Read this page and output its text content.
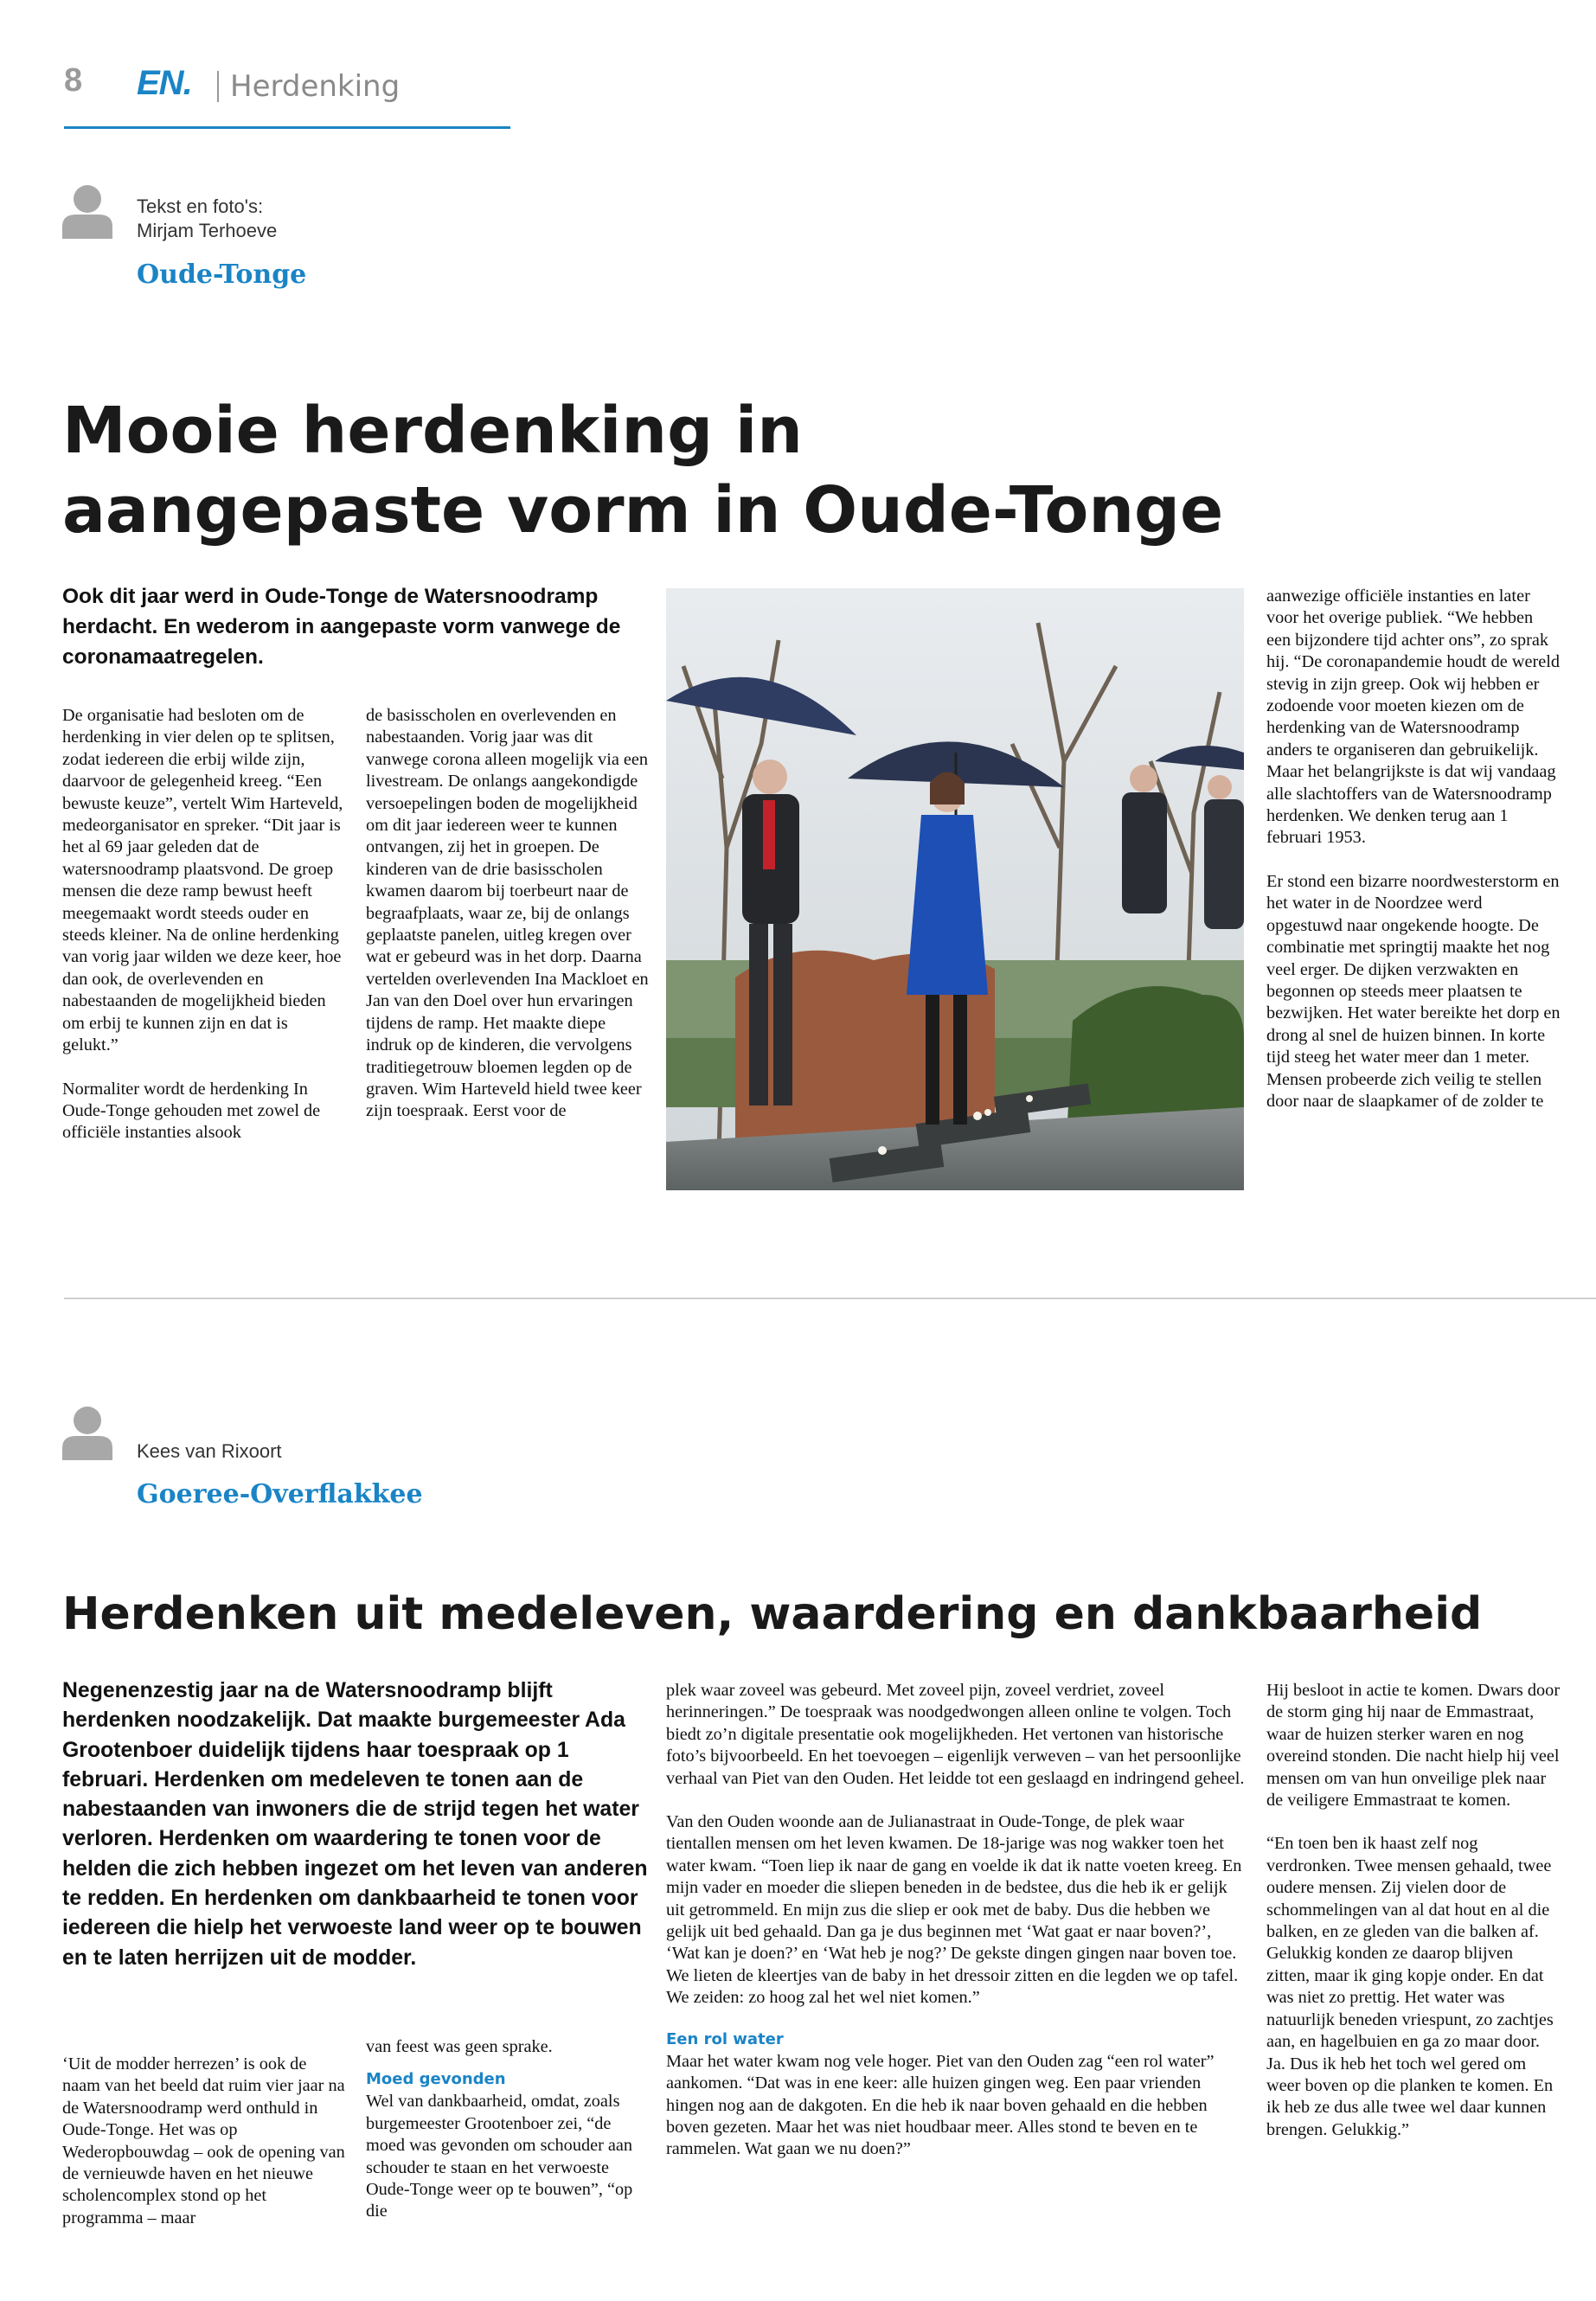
8 EN. Herdenking
Tekst en foto's:
Mirjam Terhoeve
Oude-Tonge
Mooie herdenking in
aangepaste vorm in Oude-Tonge
Ook dit jaar werd in Oude-Tonge de Watersnoodramp herdacht. En wederom in aangepaste vorm vanwege de coronamaatregelen.

De organisatie had besloten om de herdenking in vier delen op te splitsen, zodat iedereen die erbij wilde zijn, daarvoor de gelegenheid kreeg. “Een bewuste keuze”, vertelt Wim Harteveld, medeorganisator en spreker. “Dit jaar is het al 69 jaar geleden dat de watersnoodramp plaatsvond. De groep mensen die deze ramp bewust heeft meegemaakt wordt steeds ouder en steeds kleiner. Na de online herdenking van vorig jaar wilden we deze keer, hoe dan ook, de overlevenden en nabestaanden de mogelijkheid bieden om erbij te kunnen zijn en dat is gelukt.”

Normaliter wordt de herdenking In Oude-Tonge gehouden met zowel de officiële instanties alsook

de basisscholen en overlevenden en nabestaanden. Vorig jaar was dit vanwege corona alleen mogelijk via een livestream. De onlangs aangekondigde versoepelingen boden de mogelijkheid om dit jaar iedereen weer te kunnen ontvangen, zij het in groepen. De kinderen van de drie basisscholen kwamen daarom bij toerbeurt naar de begraafplaats, waar ze, bij de onlangs geplaatste panelen, uitleg kregen over wat er gebeurd was in het dorp. Daarna vertelden overlevenden Ina Mackloet en Jan van den Doel over hun ervaringen tijdens de ramp. Het maakte diepe indruk op de kinderen, die vervolgens traditiegetrouw bloemen legden op de graven. Wim Harteveld hield twee keer zijn toespraak. Eerst voor de

aanwezige officiële instanties en later voor het overige publiek. “We hebben een bijzondere tijd achter ons”, zo sprak hij. “De coronapandemie houdt de wereld stevig in zijn greep. Ook wij hebben er zodoende voor moeten kiezen om de herdenking van de Watersnoodramp anders te organiseren dan gebruikelijk. Maar het belangrijkste is dat wij vandaag alle slachtoffers van de Watersnoodramp herdenken. We denken terug aan 1 februari 1953.

Er stond een bizarre noordwesterstorm en het water in de Noordzee werd opgestuwd naar ongekende hoogte. De combinatie met springtij maakte het nog veel erger. De dijken verzwakten en begonnen op steeds meer plaatsen te bezwijken. Het water bereikte het dorp en drong al snel de huizen binnen. In korte tijd steeg het water meer dan 1 meter. Mensen probeerde zich veilig te stellen door naar de slaapkamer of de zolder te

Kees van Rixoort
Goeree-Overflakkee
Herdenken uit medeleven, waardering en dankbaarheid
Negenenzestig jaar na de Watersnoodramp blijft herdenken noodzakelijk. Dat maakte burgemeester Ada Grootenboer duidelijk tijdens haar toespraak op 1 februari. Herdenken om medeleven te tonen aan de nabestaanden van inwoners die de strijd tegen het water verloren. Herdenken om waardering te tonen voor de helden die zich hebben ingezet om het leven van anderen te redden. En herdenken om dankbaarheid te tonen voor iedereen die hielp het verwoeste land weer op te bouwen en te laten herrijzen uit de modder.

‘Uit de modder herrezen’ is ook de naam van het beeld dat ruim vier jaar na de Watersnoodramp werd onthuld in Oude-Tonge. Het was op Wederopbouwdag – ook de opening van de vernieuwde haven en het nieuwe scholencomplex stond op het programma – maar

van feest was geen sprake.

Moed gevonden

Wel van dankbaarheid, omdat, zoals burgemeester Grootenboer zei, “de moed was gevonden om schouder aan schouder te staan en het verwoeste Oude-Tonge weer op te bouwen”, “op die

plek waar zoveel was gebeurd. Met zoveel pijn, zoveel verdriet, zoveel herinneringen.” De toespraak was noodgedwongen alleen online te volgen. Toch biedt zo’n digitale presentatie ook mogelijkheden. Het vertonen van historische foto’s bijvoorbeeld. En het toevoegen – eigenlijk verweven – van het persoonlijke verhaal van Piet van den Ouden. Het leidde tot een geslaagd en indringend geheel.

Van den Ouden woonde aan de Julianastraat in Oude-Tonge, de plek waar tientallen mensen om het leven kwamen. De 18-jarige was nog wakker toen het water kwam. “Toen liep ik naar de gang en voelde ik dat ik natte voeten kreeg. En mijn vader en moeder die sliepen beneden in de bedstee, dus die heb ik er gelijk uit getrommeld. En mijn zus die sliep er ook met de baby. Dus die hebben we gelijk uit bed gehaald. Dan ga je dus beginnen met ‘Wat gaat er naar boven?’, ‘Wat kan je doen?’ en ‘Wat heb je nog?’ De gekste dingen gingen naar boven toe. We lieten de kleertjes van de baby in het dressoir zitten en die legden we op tafel. We zeiden: zo hoog zal het wel niet komen.”

Een rol water

Maar het water kwam nog vele hoger. Piet van den Ouden zag “een rol water” aankomen. “Dat was in ene keer: alle huizen gingen weg. Een paar vrienden hingen nog aan de dakgoten. En die heb ik naar boven gehaald en die hebben boven gezeten. Maar het was niet houdbaar meer. Alles stond te beven en te rammelen. Wat gaan we nu doen?”

Hij besloot in actie te komen. Dwars door de storm ging hij naar de Emmastraat, waar de huizen sterker waren en nog overeind stonden. Die nacht hielp hij veel mensen om van hun onveilige plek naar de veiligere Emmastraat te komen.

“En toen ben ik haast zelf nog verdronken. Twee mensen gehaald, twee oudere mensen. Zij vielen door de schommelingen van al dat hout en al die balken, en ze gleden van die balken af. Gelukkig konden ze daarop blijven zitten, maar ik ging kopje onder. En dat was niet zo prettig. Het water was natuurlijk beneden vriespunt, zo zachtjes aan, en hagelbuien en ga zo maar door. Ja. Dus ik heb het toch wel gered om weer boven op die planken te komen. En ik heb ze dus alle twee wel daar kunnen brengen. Gelukkig.”
